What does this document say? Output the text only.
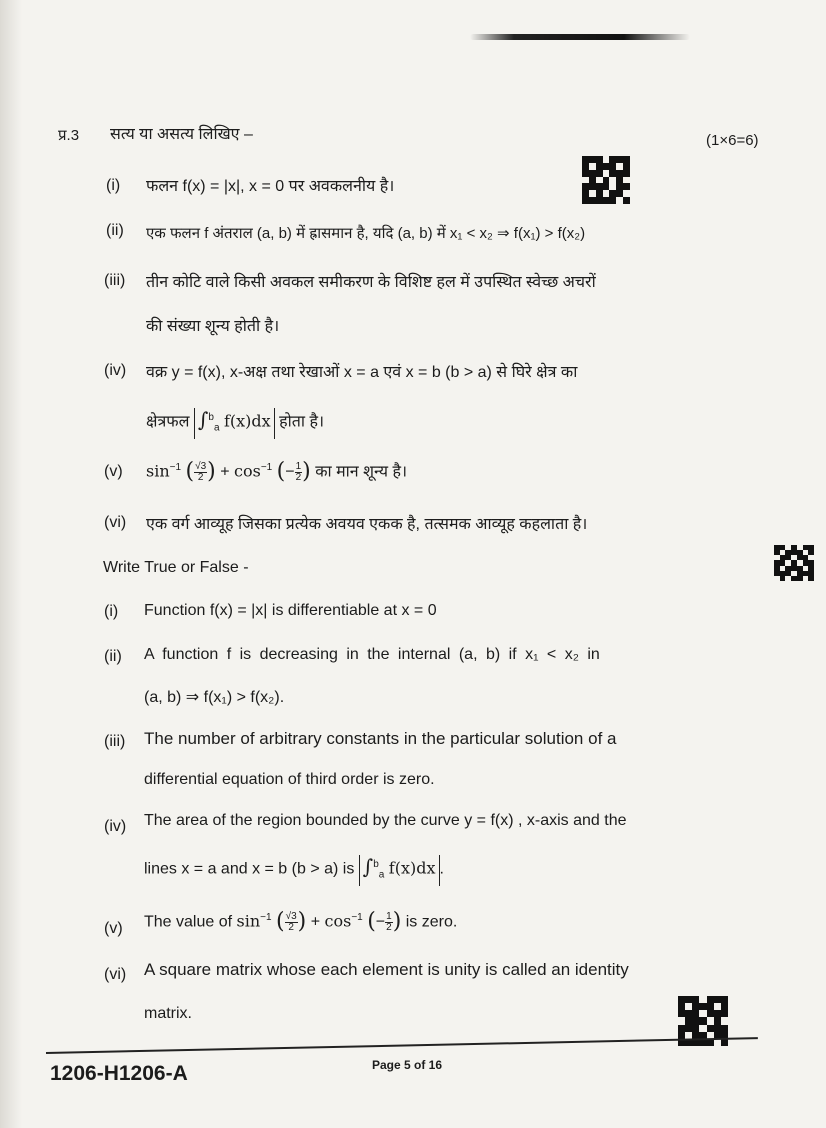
प्र.3 सत्य या असत्य लिखिए –	(1×6=6)
(i) फलन f(x) = |x|, x = 0 पर अवकलनीय है।
(ii) एक फलन f अंतराल (a, b) में ह्रासमान है, यदि (a, b) में x₁ < x₂ ⇒ f(x₁) > f(x₂)
(iii) तीन कोटि वाले किसी अवकल समीकरण के विशिष्ट हल में उपस्थित स्वेच्छ अचरों
की संख्या शून्य होती है।
(iv) वक्र y = f(x), x-अक्ष तथा रेखाओं x = a एवं x = b (b > a) से घिरे क्षेत्र का
क्षेत्रफल ∫$^b_a$ f(x)dx होता है।
(v) $\sin^{-1}$ ( $\frac{√3}{2}) + \cos^{-1}$ (− $\frac{1}{2}$) का मान शून्य है।
(vi) एक वर्ग आव्यूह जिसका प्रत्येक अवयव एकक है, तत्समक आव्यूह कहलाता है।
Write True or False -
(i) Function f(x) = |x| is differentiable at x = 0
(ii) A function f is decreasing in the internal (a, b) if x₁ < x₂ in
(a, b) ⇒ f(x₁) > f(x₂).
(iii) The number of arbitrary constants in the particular solution of a
differential equation of third order is zero.
(iv) The area of the region bounded by the curve y = f(x) , x-axis and the
lines x = a and x = b (b > a) is ∫$^b_a$ f(x)dx .
(v) The value of $\sin^{-1}$ ( $\frac{√3}{2}) + \cos^{-1}$ (− $\frac{1}{2}$) is zero.
(vi) A square matrix whose each element is unity is called an identity
matrix.
1206-H1206-A	Page 5 of 16
